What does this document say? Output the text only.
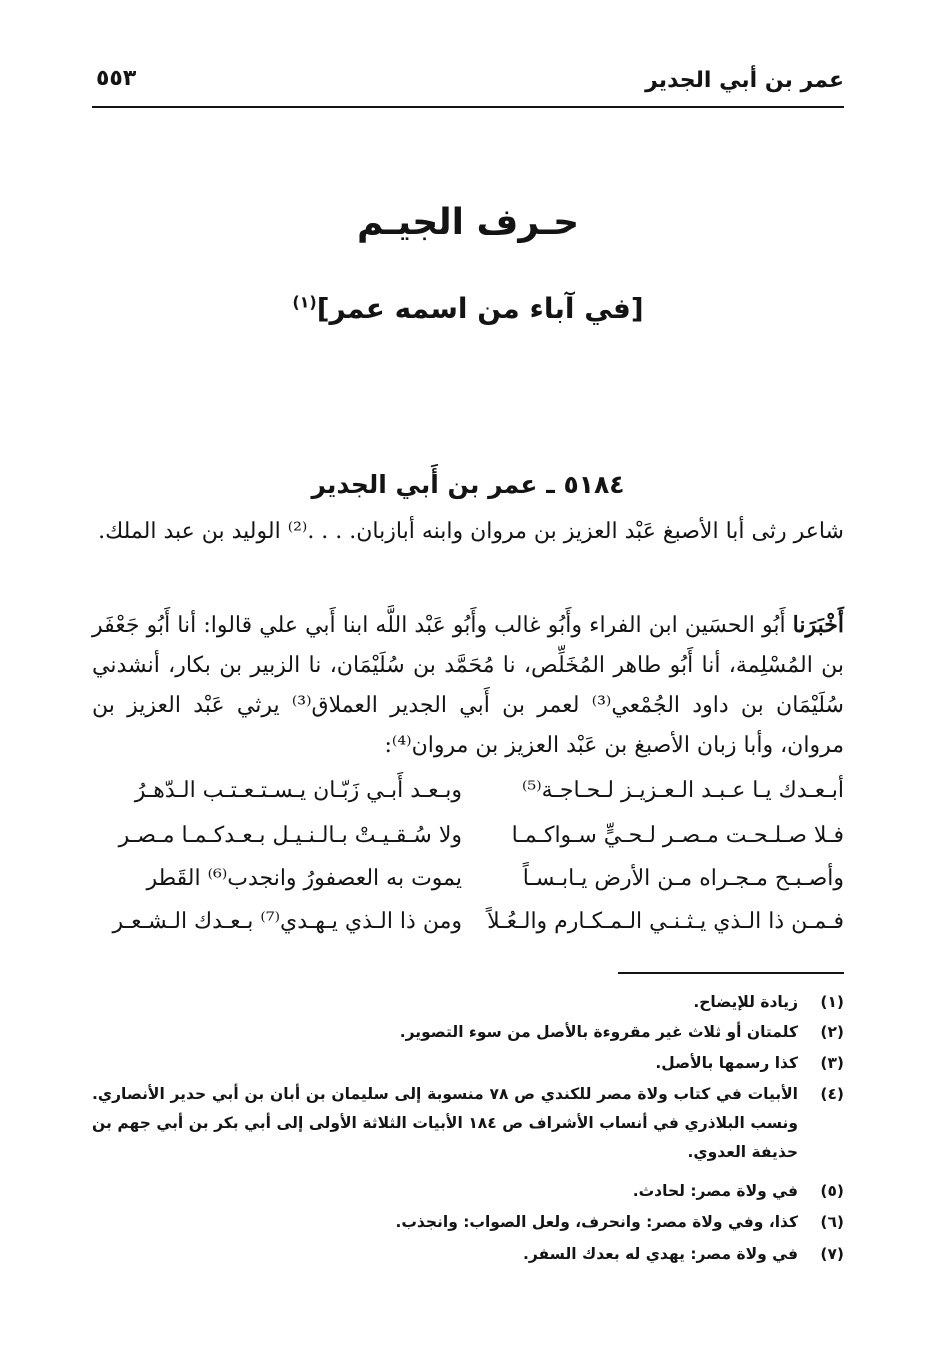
عمر بن أبي الجدير
٥٥٣
حـرف الجيـم
[في آباء من اسمه عمر]$^{(١)}$
٥١٨٤ ـ عمر بن أَبي الجدير
شاعر رثى أبا الأصبغ عَبْد العزيز بن مروان وابنه أبازبان. . . .⁽²⁾ الوليد بن عبد الملك.
أَخْبَرَنا أَبُو الحسَين ابن الفراء وأَبُو غالب وأَبُو عَبْد اللَّه ابنا أَبي علي قالوا: أنا أَبُو جَعْفَر بن المُسْلِمة، أنا أَبُو طاهر المُخَلِّص، نا مُحَمَّد بن سُلَيْمَان، نا الزبير بن بكار، أنشدني سُلَيْمَان بن داود الجُمْعي⁽³⁾ لعمر بن أَبي الجدير العملاق⁽³⁾ يرثي عَبْد العزيز بن مروان، وأبا زبان الأصبغ بن عَبْد العزيز بن مروان⁽⁴⁾:
أبـعـدك يـا عـبـد الـعـزيـز لـحـاجـة⁽⁵⁾
وبـعـد أَبـي زَبّـان يـسـتـعـتـب الـدّهـرُ
فـلا صـلـحـت مـصـر لـحـيٍّ سـواكـمـا
ولا سُـقـيـتْ بـالـنـيـل بـعـدكـمـا مـصـر
وأصـبـح مـجـراه مـن الأرض يـابـسـاً
يموت به العصفورُ وانجدب⁽⁶⁾ القَطر
فـمـن ذا الـذي يـثـنـي الـمـكـارم والـعُـلاً
ومن ذا الـذي يـهـدي⁽⁷⁾ بـعـدك الـشـعـر
(١)
زيادة للإيضاح.
(٢)
كلمتان أو ثلاث غير مقروءة بالأصل من سوء التصوير.
(٣)
كذا رسمها بالأصل.
(٤)
الأبيات في كتاب ولاة مصر للكندي ص ٧٨ منسوبة إلى سليمان بن أبان بن أبي حدير الأنصاري. ونسب البلاذري في أنساب الأشراف ص ١٨٤ الأبيات الثلاثة الأولى إلى أبي بكر بن أبي جهم بن حذيفة العدوي.
(٥)
في ولاة مصر: لحادث.
(٦)
كذا، وفي ولاة مصر: وانحرف، ولعل الصواب: وانجذب.
(٧)
في ولاة مصر: يهدي له بعدك السفر.
